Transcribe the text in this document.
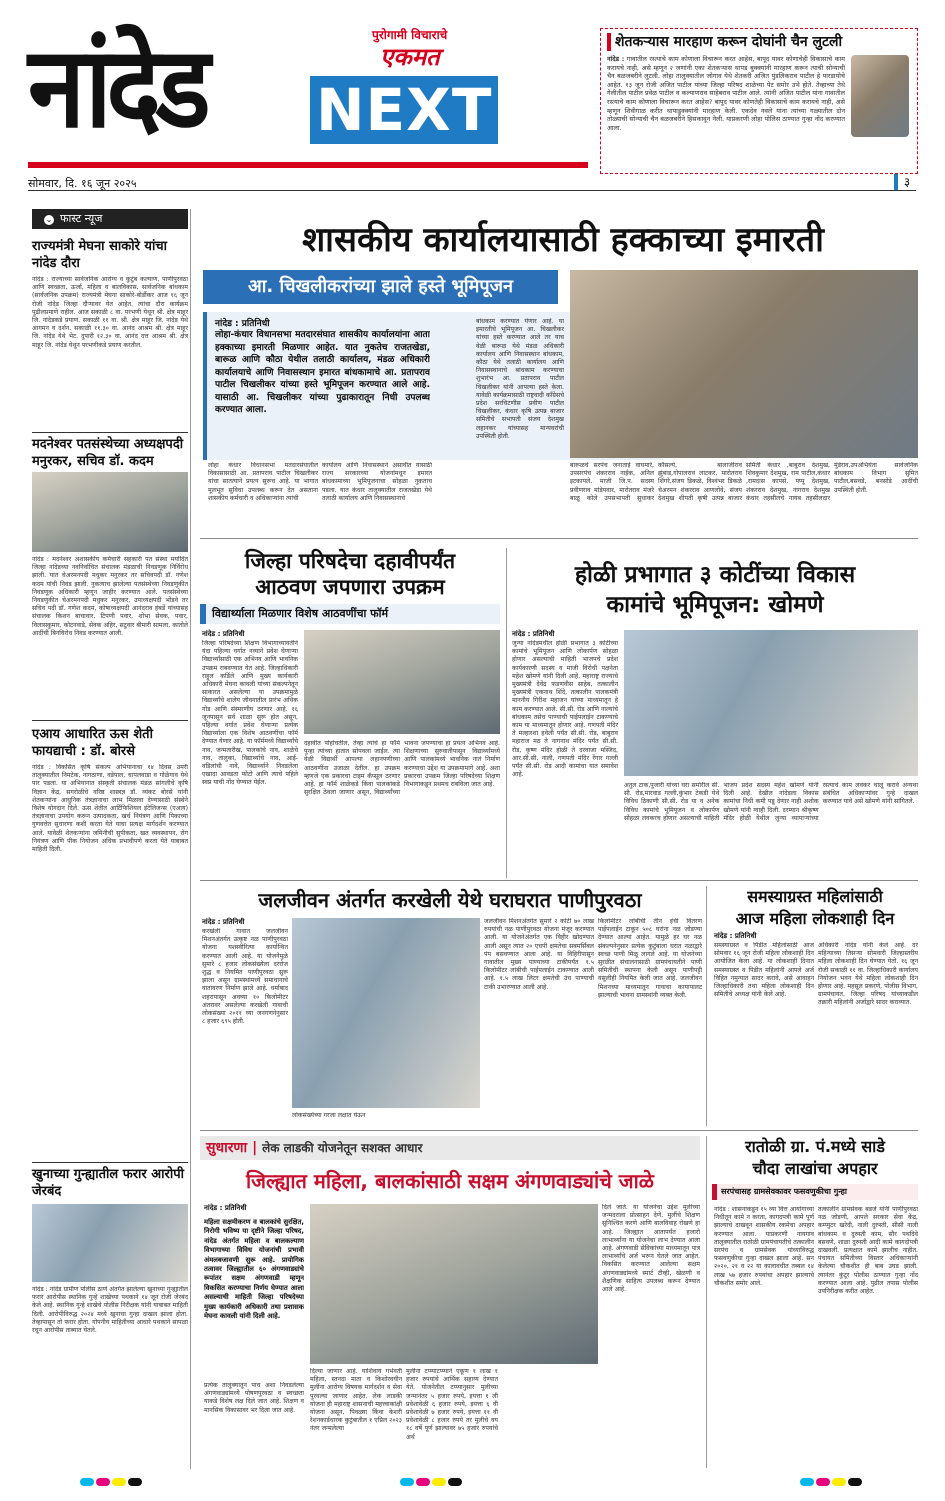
नांदेड	पुरोगामी विचाराचे
एकमत
NEXT
सोमवार, दि. १६ जून २०२५	३
शेतकऱ्यास मारहाण करून दोघांनी चैन लुटली
नांदेड : गावातील रस्त्याचे काम कोणाला विचारून करत आहेस, बापूद यावर कोणाचेही विकासाचे काम करायचे नाही, असे म्हणून २ जणांनी एका शेतकऱ्यास थापड बुक्क्यांनी मारहाण करून त्याची सोन्याची चैन बळजबरीने लुटली. लोहा तालुक्यातील जोगाव येथे शेतकरी अजित पुंडलिकराव पाटील हे पारडायोचे आहेत. १३ जून रोजी अजित पाटील यांच्या जिल्हा परिषद शाळेच्या पेट समोर उभे होते. तेव्हाच्या तेथे गेलीतील पाटील प्रवेळ पाटील व कल्याणराव साहेबराव पाटील आले. त्यांनी अजित पाटील यांना गावातील रस्त्याचे काम कोणाला विचारून करत आहेस? बापूद यावर कोणतेही विकासाचे काम करायचे नाही, असे म्हणून शिवीगाळ करीत थापाडुक्क्यांनी मारहाण केली. एकदेव नवले यांना त्यांच्या गळ्यातील दोन तोळ्याची सोन्याची चैन बळजबरीने हिसकावून नेली. याप्रकरणी लोहा पोलिस ठाण्यात गुन्हा नोंद करण्यात आला.
⌄ फास्ट न्यूज
राज्यमंत्री मेघना साकोरे यांचा नांदेड दौरा
नांदेड : राज्याच्या सार्वजनिक आरोग्य व कुटुंब कल्याण, पाणीपुरवठा आणि स्वच्छता, ऊर्जा, महिला व बालविकास, सार्वजनिक बांधकाम (सार्वजनिक उपक्रम) राज्यमंत्री मेघना साकोरे-बोर्डीकर आज १६ जून रोजी नांदेड जिल्हा दौऱ्यावर येत आहेत. त्यांचा दौरा कार्यक्रम पुढीलप्रमाणे राहील. आज सकाळी ८ वा. परभणी येथून श्री. क्षेत्र माहूर जि. नांदेडकडे प्रयाण. सकाळी ११ वा. श्री. क्षेत्र माहूर जि. नांदेड येथे आगमन व दर्शन. सकाळी ११.३० वा. आनंद आश्रम श्री. क्षेत्र माहूर जि. नांदेड येथे भेट. दुपारी १२.३० वा. आनंद दत्त आश्रम श्री. क्षेत्र माहूर जि. नांदेड येथून परभणीकडे प्रयाण करतील.
मदनेश्वर पतसंस्थेच्या अध्यक्षपदी मनुरकर, सचिव डॉ. कदम
नांदेड : मदनेश्वर अशासकीय कर्मचारी सहकारी पत संस्था मर्यादित जिल्हा नांदेडच्या नवनिर्वाचित संचालक मंडळाची निवडणूक निर्विरोध झाली. यात चेअरमनपदी मधुकर मनुरकर तर सचिवपदी डॉ. गणेश कदम यांची निवड झाली. नुकत्याच झालेल्या पतसंस्थेच्या निवडणुकीत निवडणूक अधिकारी म्हणून जाहीर करण्यात आले. पतसंस्थेच्या निवडणुकीत चेअरमनपदी मधुकर मनुरकर, उपाध्यक्षपदी भोंडवे तर सचिव पदी डॉ. गणेश कदम, कोषाध्यक्षपदी आनंदराव हंबर्डे यांच्यासह संचालक किशन बाचावार, टिपणी पवार, शोभा सेवक, पवार, विलासकुमार, कोटनवाडे, सेवक अहिर, सटुवार बीमारी सामला, कातोले आदींची बिनविरोध निवड करण्यात आली.
एआय आधारित ऊस शेती फायद्याची : डॉ. बोरसे
नांदेड : विकसित कृषि संकल्प अभियानाचा १४ दिवस उमरी तालुक्यातील निमटेक, नागठाणा, वडेपाल, चापलवाडा व गोळेगाव येथे पार पडला. या अभियानात संस्कृती संचालक मंडळ सांगलीचे कृषि विज्ञान केंद्र, सगरोळीचे वरिष्ठ शास्त्रज्ञ डॉ. व्यंकट बोरसे यांनी शेतकऱ्यांना आधुनिक तंत्रज्ञानाचा लाभ मिळावा देण्यासाठी संस्थेने विशेष योगदान दिले. ऊस शेतीत आर्टिफिशियल इंटेलिजन्स (एआय) तंत्रज्ञानाचा उपयोग करून उत्पादकता, खर्च नियंत्रण आणि पिकाच्या गुणवत्तेत सुधारणा कशी करता येते याचा प्रत्यक्ष मार्गदर्शन करण्यात आले. यावेळी शेतकऱ्यांना जमिनीची सुपीकता, खत व्यवस्थापन, रोग नियंत्रण आणि पीक नियोजन अधिक प्रभावीपणे करता येते याबाबत माहिती दिली.
खुनाच्या गुन्ह्यातील फरार आरोपी जेरबंद
नांदेड : नांदेड ग्रामीण पोलीस ठाणे अंतर्गत झालेल्या खुनाच्या गुन्ह्यातील फरार आरोपीस स्थानिक गुन्हे शाखेच्या पथकाने १४ जून रोजी जेरबंद केले आहे. स्थानिक गुन्हे शाखेचे पोलीस निरीक्षक यांनी याबाबत माहिती दिली. आरोपीविरुद्ध २०२४ मध्ये खुनाचा गुन्हा दाखल झाला होता. तेव्हापासून तो फरार होता. गोपनीय माहितीच्या आधारे पथकाने सापळा रचून आरोपीस ताब्यात घेतले.
शासकीय कार्यालयासाठी हक्काच्या इमारती
आ. चिखलीकरांच्या झाले हस्ते भूमिपूजन
नांदेड : प्रतिनिधी
लोहा-कंधार विधानसभा मतदारसंघात शासकीय कार्यालयांना आता हक्काच्या इमारती मिळणार आहेत. यात नुकतेच राजतखेडा, बारूळ आणि कौठा येथील तलाठी कार्यालय, मंडळ अधिकारी कार्यालयाचे आणि निवासस्थान इमारत बांधकामाचे आ. प्रतापराव पाटील चिखलीकर यांच्या हस्ते भूमिपूजन करण्यात आले आहे. यासाठी आ. चिखलीकर यांच्या पुढाकारातून निधी उपलब्ध करण्यात आला.
लोहा कंधार विधानसभा मतदारसंघातील विकासासाठी आ. प्रतापराव पाटील चिखलीकर यांचा सातत्याने प्रयत्न सुरूच आहे. या भागात मूलभूत सुविधा उपलब्ध करून देत असताना शासकीय कर्मचारी व अधिकाऱ्यांना त्यांची
कार्यालय आणि निवासस्थाने असावीत यासाठी राज्य सरकारच्या योजनांमधून इमारत बांधकामाच्या भूमिपूजनाचा सोहळा नुकताच पडला. यात कंधार तालुक्यातील राजतखेडा येथे तलाठी कार्यालय आणि निवासस्थानाचे
बांधकाम करण्यात येणार आहे. या इमारतीचे भूमिपूजन आ. चिखलीकर यांच्या हस्ते करण्यात आले तर याच वेळी बारूळ येथे मंडळ अधिकारी कार्यालय आणि निवासस्थान बांधकाम, कौठा येथे तलाठी कार्यालय आणि निवासस्थानाचे बांधकाम करण्याचा शुभारंभ आ. प्रतापराव पाटील चिखलीकर यांनी आपल्या हस्ते केला. यावेळी कार्यक्रमासाठी राष्ट्रवादी काँग्रेसचे प्रदेश सरचिटणीस प्रवीण पाटील चिखलीकर, कंधार कृषि उत्पन्न बाजार समितीचे सभापती संजय देशमुख लहानकर यांच्यासह मान्यवरांची उपस्थिती होती.
बारूळचे सरपंच जनाताई वाघमारे, उपसरपंच शंकरराव नाईक, अनिल इटकापले, माजी जि.प. सदस्य प्रवीणराव मांडेपवार, मारोतराव मंजरे बाळू कोले उपसभापती सुधाकर कौसल्ये, बालाजीराव झुंबाड,गोपालराव लाटकर, मारोतराव शिंगरे,संजय डिकळे, विश्वंभर डिकळे चेअरमन शंकरराव आणलोवे, संजय देशमुख शीपती कृषी उत्पन्न बाजार समिती कंधार ,बाबुराव देशमुख, शिवकुमार देशमुख, राम पाटील,कंधार ,रामदास कापसे, पप्पू देशमुख, शंकरराव देशमुख, नागराव देशमुख कंधार तहसीलचे नायब तहसीलदार मुंडेराव,उपअभियंता सार्वजनिक बांधकाम विभाग सुमित पाटील,बसवडे, बनसोडे आदींची उपस्थिती होती.
जिल्हा परिषदेचा दहावीपर्यंत
आठवण जपणारा उपक्रम
विद्यार्थ्याला मिळणार विशेष आठवणींचा फॉर्म
नांदेड : प्रतिनिधी
जिल्हा परिषदेच्या शिक्षण विभागाच्यावतीने यंदा पहिल्या वर्गात नव्याने प्रवेश घेणाऱ्या विद्यार्थ्यांसाठी एक अभिनव आणि भावनिक उपक्रम राबवण्यात येत आहे. जिल्हाधिकारी राहुल कर्डिले आणि मुख्य कार्यकारी अधिकारी मेघना कावली यांच्या संकल्पनेतून साकारत असलेल्या या उपक्रमामुळे विद्यार्थ्यांचे शालेय जीवनातील प्रारंभ अधिक गोड आणि संस्मरणीय ठरणार आहे. १६ जूनपासून सर्व शाळा सुरू होत असून, पहिल्या वर्गात प्रवेश घेणाऱ्या प्रत्येक विद्यार्थ्याला एक विशेष आठवणींचा फॉर्म देण्यात येणार आहे. या फॉर्ममध्ये विद्यार्थ्यांचे नाव, जन्मतारीख, पालकांचे नाव, शाळेचे नाव, तालुका, विद्यार्थ्याचे नाव, आई-वडिलांची नावे, विद्यार्थ्याने निवडलेला एखादा आवडता फोटो आणि त्याचे पहिले स्वप्न याची नोंद घेण्यात येईल.
दहावीत पोहोचतील, तेव्हा त्यांचे हा फॉर्म पुन्हा त्यांच्या हातात सोपवला जाईल. त्या वेळी विद्यार्थी आपल्या लहानपणीच्या आठवणींना उजाळा देतील. हा उपक्रम म्हणजे एक प्रकारचा टाइम कॅप्सूल ठरणार आहे. हा फॉर्म शाळेकडे किंवा पालकांकडे सुरक्षित ठेवला जाणार असून, विद्यार्थ्यांच्या भावना जपण्याचा हा प्रयत्न अभिनव आहे. शिक्षणाच्या सुरुवातीपासून विद्यार्थ्यांमध्ये आणि पालकांमध्ये भावनिक नातं निर्माण करण्याचा उद्देश या उपक्रमामागे आहे. अशा प्रकारचा उपक्रम जिल्हा परिषदेच्या शिक्षण विभागाकडून प्रथमच राबविला जात आहे.
होळी प्रभागात ३ कोटींच्या विकास
कामांचे भूमिपूजन: खोमणे
नांदेड : प्रतिनिधी
जुन्या नांदेडमधील होळी प्रभागात ३ कोटींच्या कामांचे भूमिपूजन आणि लोकार्पण सोहळा होणार असल्याची माहिती भाजपचे प्रदेश कार्यकारणी सदस्य व माजी विरोधी पक्षनेता महेश खोमणे यांनी दिली आहे. महाराष्ट्र राज्याचे मुख्यमंत्री देवेंद्र फडणवीस साहेब, तत्कालीन मुख्यमंत्री एकनाथ शिंदे, तत्कालीन पालकमंत्री माननीय गिरीश महाजन यांच्या माध्यमातून हे काम करण्यात आले. सी.सी. रोड आणि नाल्यांचे बांधकाम तसेच पाण्याची पाईपलाईन टाकण्याचे काम या माध्यमातून होणार आहे. गणपती मंदिर ते मल्हारशा हवेली पर्यंत सी.सी. रोड, बाबुराव महाराज मठ ते नागनाथ मंदिर पर्यंत सी.सी. रोड, कृष्ण मंदिर होळी ते दरवाजा मस्जिद, आर.सी.सी. नाली, गणपती मंदिर रेंगार गल्ली पर्यंत सी.सी. रोड आदी कामांचा यात समावेश आहे.
अतुल टाक,पुजारी यांच्या घरा समोरील सी. सी. रोड,मारवाड गल्ली,कुंभार टेकडी येथे विविध ठिकाणी सी.सी. रोड या व अनेक विविध कामांचे भूमिपूजन व लोकार्पण सोहळा लवकरच होणार असल्याची माहिती भाजप प्रदेश सदस्य महेश खोमणे यांनी दिली आहे. देखील नांदेडला विकास कामांचा निधी कमी पडू देणार नाही अशोक खोमणे यांनी ग्वाही दिली. दरम्यान श्रीकृष्ण मंदिर होळी येथील जुन्या व्यापाऱ्यांच्या रस्त्याचे काम लवकर चालू करावे अन्यथा संबंधित अधिकाऱ्यांवर गुन्हे दाखल करण्यात यावे असे खोमणे यांनी सांगितले.
जलजीवन अंतर्गत करखेली येथे घराघरात पाणीपुरवठा
नांदेड : प्रतिनिधी
करखेली गावात जलजीवन मिशनअंतर्गत उत्कृष्ट नळ पाणीपुरवठा योजना यशस्वीरित्या कार्यान्वित करण्यात आली आहे. या योजनेमुळे सुमारे ८ हजार लोकसंख्येला दररोज शुद्ध व नियमित पाणीपुरवठा सुरू झाला असून ग्रामस्थांमध्ये समाधानाचे वातावरण निर्माण झाले आहे. धर्माबाद शहरापासून अवघ्या १० किलोमीटर अंतरावर असलेल्या करखेली गावाची लोकसंख्या २०११ च्या जनगणनेनुसार ८ हजार ६९५ होती.
लोकसंख्येच्या गरजा लक्षात घेऊन
जलजीवन मिशनअंतर्गत सुमारे २ कोटी ७० लाख रुपयांची नळ पाणीपुरवठा योजना मंजूर करण्यात आली. या योजनेअंतर्गत एक विहीर खोदण्यात आली असून त्यात २० एचपी क्षमतेचा सबमर्सिबल पंप बसवण्यात आला आहे. या विहिरीपासून गावातील मुख्य पाण्याच्या टाकीपर्यंत १.५ किलोमीटर लांबीची पाईपलाईन टाकण्यात आली आहे. १.५ लाख लिटर क्षमतेची उंच पाण्याची टाकी उभारण्यात आली आहे.
किलोमीटर लांबीची तीन इंची वितरण पाईपलाईन टाकून ५०८ घरांना नळ जोडण्या देण्यात आल्या आहेत. यामुळे हर घर नळ संकल्पनेनुसार प्रत्येक कुटुंबाला घरात नळाद्वारे स्वच्छ पाणी मिळू लागले आहे. या योजनेच्या सुरळीत संचालनासाठी ग्रामपंचायतीने पाणी समितीची स्थापना केली असून पाणीपट्टी वसुलीही नियमित केली जात आहे. जलजीवन मिशनच्या माध्यमातून गावाचा कायापालट झाल्याची भावना ग्रामस्थांनी व्यक्त केली.
समस्याग्रस्त महिलांसाठी
आज महिला लोकशाही दिन
नांदेड : प्रतिनिधी
समस्याग्रस्त व पिडीत महिलांसाठी आज सोमवार १६ जून रोजी महिला लोकशाही दिन आयोजित केला आहे. या लोकशाही दिनात समस्याग्रस्त व पिडीत महिलांनी आपले अर्ज विहित नमुन्यात सादर करावे, असे आवाहन जिल्हाधिकारी तथा महिला लोकशाही दिन समितीचे अध्यक्ष यांनी केले आहे.
अधिकारी नांदेड यांनी केले आहे. दर महिन्याच्या तिसऱ्या सोमवारी जिल्हास्तरीय महिला लोकशाही दिन घेण्यात येतो. १६ जून रोजी सकाळी ११ वा. जिल्हाधिकारी कार्यालय नियोजन भवन येथे महिला लोकशाही दिन होणार आहे. महसूल प्रकरणे, पोलीस विभाग, ग्रामपंचायत, जिल्हा परिषद यांच्याकडील तक्रारी महिलांनी अर्जाद्वारे सादर कराव्यात.
सुधारणा | लेक लाडकी योजनेतून सशक्त आधार
जिल्ह्यात महिला, बालकांसाठी सक्षम अंगणवाड्यांचे जाळे
नांदेड : प्रतिनिधी
महिला सक्षमीकरण व बालकांचे सुरक्षित, निरोगी भविष्य या दृष्टीने जिल्हा परिषद, नांदेड अंतर्गत महिला व बालकल्याण विभागाच्या विविध योजनांची प्रभावी अंमलबजावणी सुरू आहे. प्रायोगिक तत्वावर जिल्ह्यातील ६० अंगणवाड्यांचे रूपांतर सक्षम अंगणवाडी म्हणून विकसित करण्याचा निर्णय घेण्यात आला असल्याची माहिती जिल्हा परिषदेच्या मुख्य कार्यकारी अधिकारी तथा प्रशासक मेघना कावली यांनी दिली आहे.
प्रत्येक तालुक्यातून पाच अशा निवडलेल्या अंगणवाड्यांमध्ये पोषणपुरवठा व स्वच्छता याकडे विशेष लक्ष दिले जात आहे. शिक्षण व मानसिक विकासावर भर दिला जात आहे.
दिल्या जाणार आहे. याशिवाय गर्भवती महिला, स्तनदा माता व किशोरवयीन मुलींना आरोग्य विषयक मार्गदर्शन व सेवा पुरवल्या जाणार आहेत. लेक लाडकी योजना ही महाराष्ट्र शासनाची महत्त्वाकांक्षी योजना असून, पिवळ्या किंवा केशरी रेशनकार्डधारक कुटुंबातील १ एप्रिल २०२३ नंतर जन्मलेल्या
मुलींना टप्प्याटप्प्याने एकूण १ लाख १ हजार रुपयांचे आर्थिक सहाय्य देण्यात येते. योजनेतील टप्प्यानुसार मुलीच्या जन्मानंतर ५ हजार रुपये, इयत्ता १ ली प्रवेशावेळी ६ हजार रुपये, इयत्ता ६ वी प्रवेशावेळी ७ हजार रुपये, इयत्ता ११ वी प्रवेशावेळी ८ हजार रुपये तर मुलीचे वय १८ वर्षे पूर्ण झाल्यावर ७५ हजार रुपयांचे अर्थ
दिले जाते. या योजनेचा उद्देश मुलींच्या जन्मदराला प्रोत्साहन देणे, मुलींचे शिक्षण सुनिश्चित करणे आणि बालविवाह रोखणे हा आहे. जिल्ह्यात आतापर्यंत हजारो लाभार्थ्यांना या योजनेचा लाभ देण्यात आला आहे. अंगणवाडी सेविकांच्या माध्यमातून पात्र लाभार्थ्यांचे अर्ज भरून घेतले जात आहेत. विकसित करण्यात आलेल्या सक्षम अंगणवाड्यांमध्ये स्मार्ट टीव्ही, खेळणी व शैक्षणिक साहित्य उपलब्ध करून देण्यात आले आहे.
रातोळी ग्रा. पं.मध्ये साडे
चौदा लाखांचा अपहार
सरपंचासह ग्रामसेवकावर फसवणुकीचा गुन्हा
नांदेड : शासनाकडून १५ व्या वित्त आयोगाच्या निधीतून कामे न करता, कागदपत्री कामे पूर्ण झाल्याचे दाखवून शासकीय रकमेचा अपहार करण्यात आला. याप्रकरणी नायगाव तालुक्यातील रातोळी ग्रामपंचायतीचे तत्कालीन सरपंच व ग्रामसेवक यांच्याविरुद्ध फसवणुकीचा गुन्हा दाखल झाला आहे. सन २०२०, २१ व २२ या कालावधीत तब्बल १४ लाख ५७ हजार रुपयांचा अपहार झाल्याचे चौकशीत समोर आले.
तत्कालीन ग्रामसेवक बडजे यांनी पाणीपुरवठा नळ जोडणी, आपले सरकार सेवा केंद्र, कम्प्युटर खरेदी, नाली दुरुस्ती, सीसी नाली बांधकाम व दुरुस्ती काम, सौर पथदिवे बसवणे, शाळा दुरुस्ती आदी कामे कागदोपत्री दाखवली. प्रत्यक्षात कामे झालीच नाहीत. पंचायत समितीच्या विस्तार अधिकाऱ्यांनी केलेल्या चौकशीत ही बाब उघड झाली. त्यानंतर कुंटूर पोलीस ठाण्यात गुन्हा नोंद करण्यात आला आहे. पुढील तपास पोलीस उपनिरीक्षक करीत आहेत.
